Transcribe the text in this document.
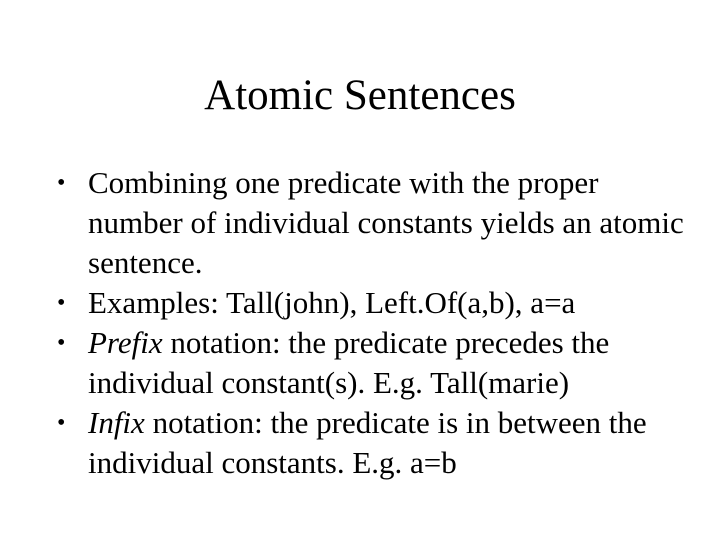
Atomic Sentences
• Combining one predicate with the proper number of individual constants yields an atomic sentence.
• Examples: Tall(john), Left.Of(a,b), a=a
• Prefix notation: the predicate precedes the individual constant(s). E.g. Tall(marie)
• Infix notation: the predicate is in between the individual constants. E.g. a=b
